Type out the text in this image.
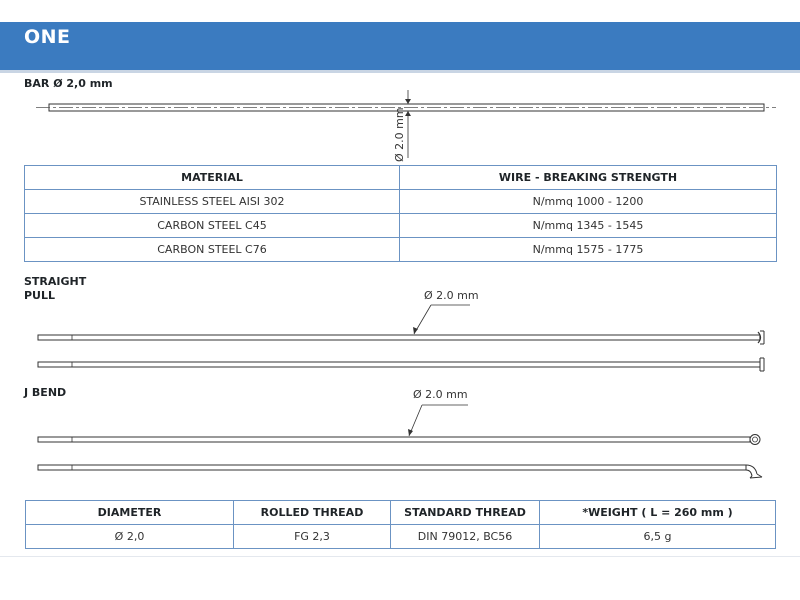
ONE
BAR Ø 2,0 mm
Ø 2.0 mm
Ø 2.0 mm
Ø 2.0 mm
MATERIAL	WIRE - BREAKING STRENGTH
STAINLESS STEEL AISI 302	N/mmq 1000 - 1200
CARBON STEEL C45	N/mmq 1345 - 1545
CARBON STEEL C76	N/mmq 1575 - 1775
STRAIGHT
PULL
J BEND
DIAMETER	ROLLED THREAD	STANDARD THREAD	*WEIGHT ( L = 260 mm )
Ø 2,0	FG 2,3	DIN 79012, BC56	6,5 g
